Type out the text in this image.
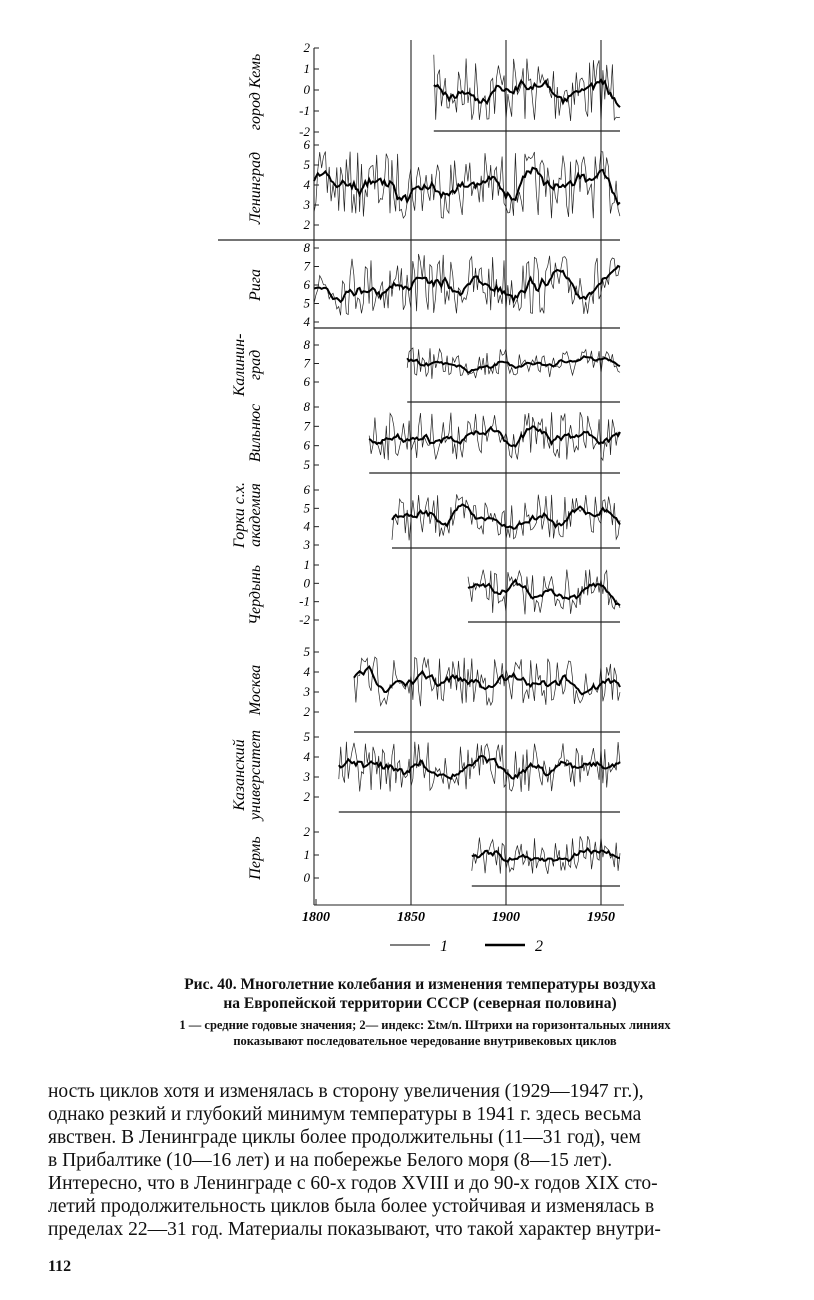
2
1
0
-1
-2
город Кемь
6
5
4
3
2
Ленинград
8
7
6
5
4
Рига
8
7
6
Калинин-град
8
7
6
5
Вильнюс
6
5
4
3
Горки с.х.академия
1
0
-1
-2
Чердынь
5
4
3
2
Москва
5
4
3
2
Казанскийуниверситет
2
1
0
Пермь
1800	1850	1900	1950
1	2
Рис. 40. Многолетние колебания и изменения температуры воздуха
на Европейской территории СССР (северная половина)
1 — средние годовые значения; 2— индекс: Σtм/n. Штрихи на горизонтальных линиях
показывают последовательное чередование внутривековых циклов

ность циклов хотя и изменялась в сторону увеличения (1929—1947 гг.),

однако резкий и глубокий минимум температуры в 1941 г. здесь весьма

явствен. В Ленинграде циклы более продолжительны (11—31 год), чем

в Прибалтике (10—16 лет) и на побережье Белого моря (8—15 лет).

Интересно, что в Ленинграде с 60-х годов XVIII и до 90-х годов XIX сто-

летий продолжительность циклов была более устойчивая и изменялась в

пределах 22—31 год. Материалы показывают, что такой характер внутри-

112
